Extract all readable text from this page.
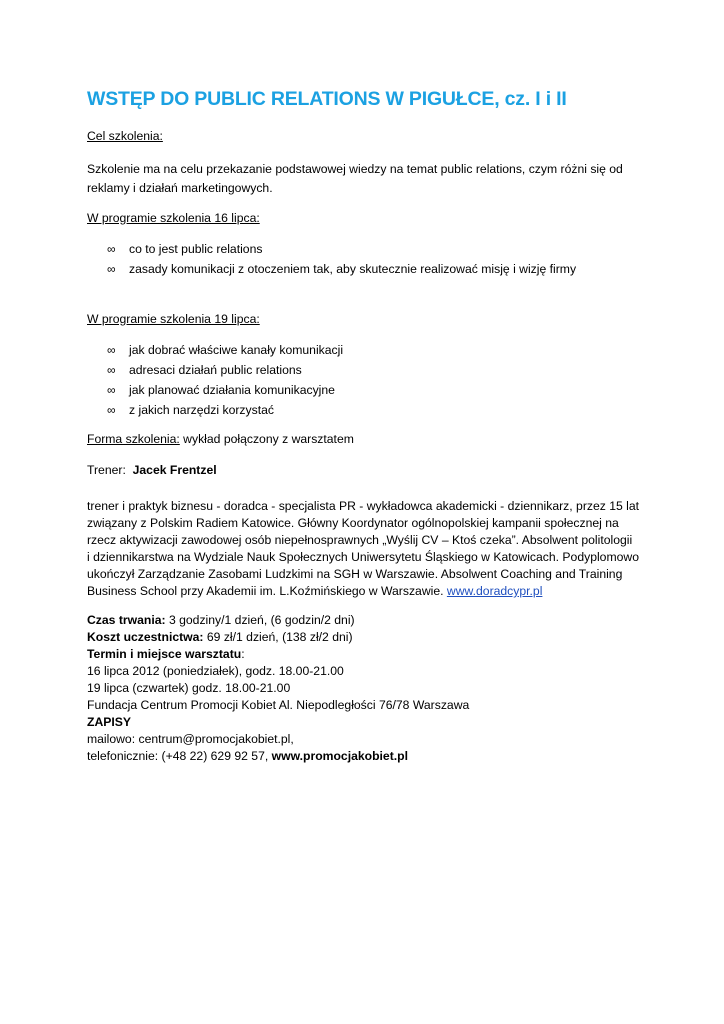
WSTĘP DO PUBLIC RELATIONS W PIGUŁCE, cz. I i II
Cel szkolenia:
Szkolenie ma na celu przekazanie podstawowej wiedzy na temat public relations, czym różni się od
reklamy i działań marketingowych.
W programie szkolenia 16 lipca:
∞ co to jest public relations
∞ zasady komunikacji z otoczeniem tak, aby skutecznie realizować misję i wizję firmy
W programie szkolenia 19 lipca:
∞ jak dobrać właściwe kanały komunikacji
∞ adresaci działań public relations
∞ jak planować działania komunikacyjne
∞ z jakich narzędzi korzystać
Forma szkolenia: wykład połączony z warsztatem
Trener:  Jacek Frentzel
trener i praktyk biznesu - doradca - specjalista PR - wykładowca akademicki - dziennikarz, przez 15 lat
związany z Polskim Radiem Katowice. Główny Koordynator ogólnopolskiej kampanii społecznej na
rzecz aktywizacji zawodowej osób niepełnosprawnych „Wyślij CV – Ktoś czeka”. Absolwent politologii
i dziennikarstwa na Wydziale Nauk Społecznych Uniwersytetu Śląskiego w Katowicach. Podyplomowo
ukończył Zarządzanie Zasobami Ludzkimi na SGH w Warszawie. Absolwent Coaching and Training
Business School przy Akademii im. L.Koźmińskiego w Warszawie. www.doradcypr.pl
Czas trwania: 3 godziny/1 dzień, (6 godzin/2 dni)
Koszt uczestnictwa: 69 zł/1 dzień, (138 zł/2 dni)
Termin i miejsce warsztatu:
16 lipca 2012 (poniedziałek), godz. 18.00-21.00
19 lipca (czwartek) godz. 18.00-21.00
Fundacja Centrum Promocji Kobiet Al. Niepodległości 76/78 Warszawa
ZAPISY
mailowo: centrum@promocjakobiet.pl,
telefonicznie: (+48 22) 629 92 57, www.promocjakobiet.pl
